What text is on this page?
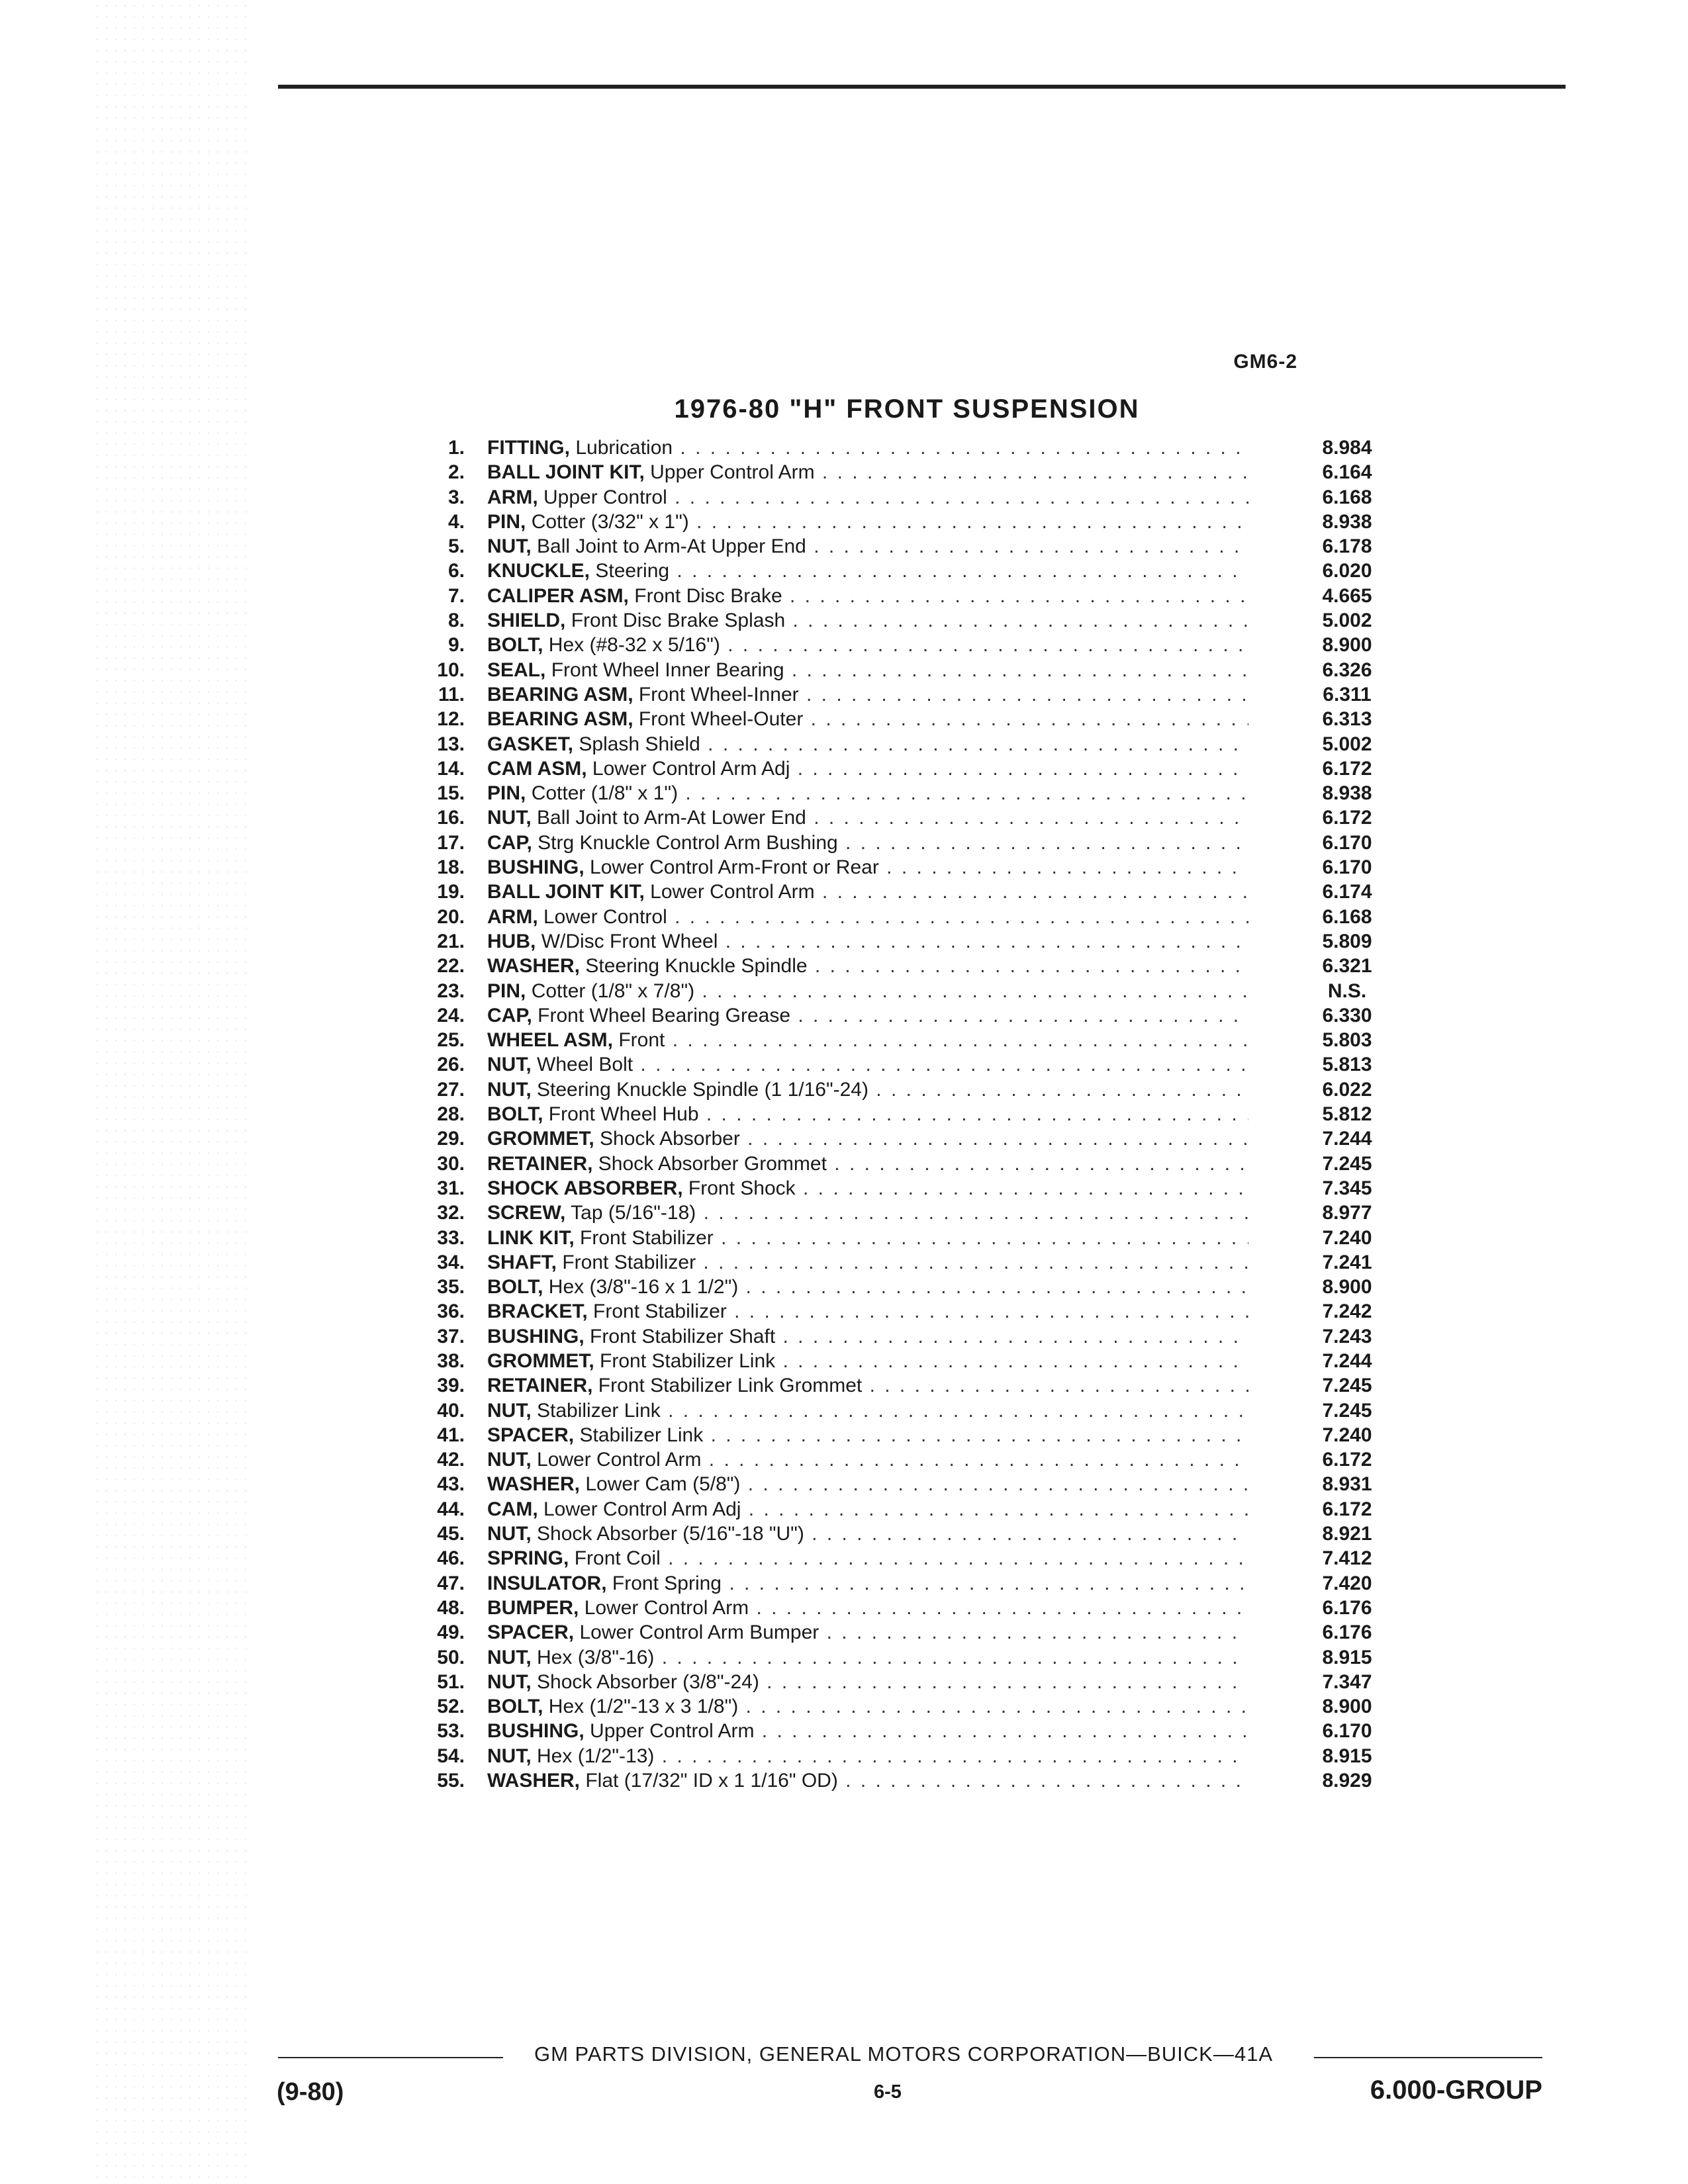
GM6-2
1976-80 "H" FRONT SUSPENSION
1. FITTING, Lubrication . . .	8.984
2. BALL JOINT KIT, Upper Control Arm . . .	6.164
3. ARM, Upper Control . . .	6.168
4. PIN, Cotter (3/32" x 1") . . .	8.938
5. NUT, Ball Joint to Arm-At Upper End . . .	6.178
6. KNUCKLE, Steering . . .	6.020
7. CALIPER ASM, Front Disc Brake . . .	4.665
8. SHIELD, Front Disc Brake Splash . . .	5.002
9. BOLT, Hex (#8-32 x 5/16") . . .	8.900
10. SEAL, Front Wheel Inner Bearing . . .	6.326
11. BEARING ASM, Front Wheel-Inner . . .	6.311
12. BEARING ASM, Front Wheel-Outer . . .	6.313
13. GASKET, Splash Shield . . .	5.002
14. CAM ASM, Lower Control Arm Adj . . .	6.172
15. PIN, Cotter (1/8" x 1") . . .	8.938
16. NUT, Ball Joint to Arm-At Lower End . . .	6.172
17. CAP, Strg Knuckle Control Arm Bushing . . .	6.170
18. BUSHING, Lower Control Arm-Front or Rear . . .	6.170
19. BALL JOINT KIT, Lower Control Arm . . .	6.174
20. ARM, Lower Control . . .	6.168
21. HUB, W/Disc Front Wheel . . .	5.809
22. WASHER, Steering Knuckle Spindle . . .	6.321
23. PIN, Cotter (1/8" x 7/8") . . .	N.S.
24. CAP, Front Wheel Bearing Grease . . .	6.330
25. WHEEL ASM, Front . . .	5.803
26. NUT, Wheel Bolt . . .	5.813
27. NUT, Steering Knuckle Spindle (1 1/16"-24) . . .	6.022
28. BOLT, Front Wheel Hub . . .	5.812
29. GROMMET, Shock Absorber . . .	7.244
30. RETAINER, Shock Absorber Grommet . . .	7.245
31. SHOCK ABSORBER, Front Shock . . .	7.345
32. SCREW, Tap (5/16"-18) . . .	8.977
33. LINK KIT, Front Stabilizer . . .	7.240
34. SHAFT, Front Stabilizer . . .	7.241
35. BOLT, Hex (3/8"-16 x 1 1/2") . . .	8.900
36. BRACKET, Front Stabilizer . . .	7.242
37. BUSHING, Front Stabilizer Shaft . . .	7.243
38. GROMMET, Front Stabilizer Link . . .	7.244
39. RETAINER, Front Stabilizer Link Grommet . . .	7.245
40. NUT, Stabilizer Link . . .	7.245
41. SPACER, Stabilizer Link . . .	7.240
42. NUT, Lower Control Arm . . .	6.172
43. WASHER, Lower Cam (5/8") . . .	8.931
44. CAM, Lower Control Arm Adj . . .	6.172
45. NUT, Shock Absorber (5/16"-18 "U") . . .	8.921
46. SPRING, Front Coil . . .	7.412
47. INSULATOR, Front Spring . . .	7.420
48. BUMPER, Lower Control Arm . . .	6.176
49. SPACER, Lower Control Arm Bumper . . .	6.176
50. NUT, Hex (3/8"-16) . . .	8.915
51. NUT, Shock Absorber (3/8"-24) . . .	7.347
52. BOLT, Hex (1/2"-13 x 3 1/8") . . .	8.900
53. BUSHING, Upper Control Arm . . .	6.170
54. NUT, Hex (1/2"-13) . . .	8.915
55. WASHER, Flat (17/32" ID x 1 1/16" OD) . . .	8.929
GM PARTS DIVISION, GENERAL MOTORS CORPORATION—BUICK—41A
(9-80)	6-5	6.000-GROUP
